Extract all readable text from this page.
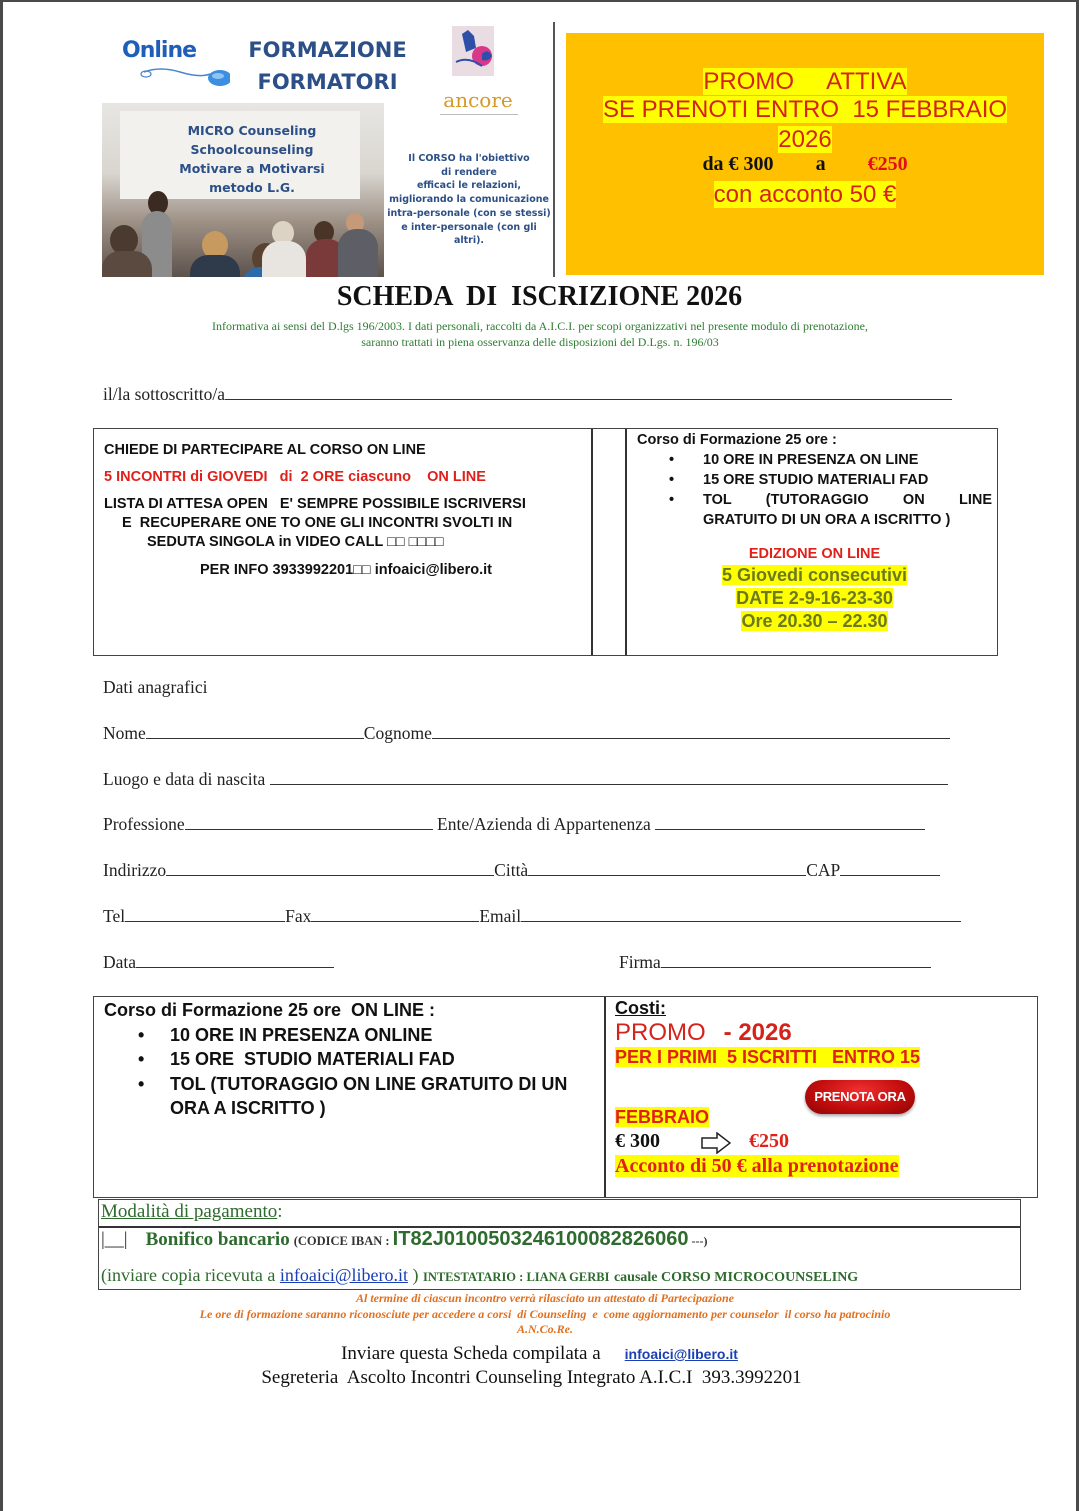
Online	FORMAZIONE
FORMATORI
MICRO Counseling
Schoolcounseling
Motivare a Motivarsi
metodo L.G.
ancore
Il CORSO ha l'obiettivo
di rendere
efficaci le relazioni,
migliorando la comunicazione
intra-personale (con se stessi)
e inter-personale (con gli altri).
PROMO     ATTIVA
SE PRENOTI ENTRO  15 FEBBRAIO
2026
da € 300 a €250
con acconto 50 €
SCHEDA  DI  ISCRIZIONE 2026
Informativa ai sensi del D.lgs 196/2003. I dati personali, raccolti da A.I.C.I. per scopi organizzativi nel presente modulo di prenotazione,
saranno trattati in piena osservanza delle disposizioni del D.Lgs. n. 196/03
il/la sottoscritto/a
CHIEDE DI PARTECIPARE AL CORSO ON LINE
5 INCONTRI di GIOVEDI   di  2 ORE ciascuno    ON LINE
LISTA DI ATTESA OPEN   E' SEMPRE POSSIBILE ISCRIVERSI
E  RECUPERARE ONE TO ONE GLI INCONTRI SVOLTI IN
SEDUTA SINGOLA in VIDEO CALL □□ □□□□
PER INFO 3933992201□□ infoaici@libero.it
Corso di Formazione 25 ore :
• 10 ORE IN PRESENZA ON LINE
• 15 ORE STUDIO MATERIALI FAD
• TOL    (TUTORAGGIO    ON    LINE GRATUITO DI UN ORA A ISCRITTO )
EDIZIONE ON LINE
5 Giovedi consecutivi
DATE 2-9-16-23-30
Ore 20.30 – 22.30
Dati anagrafici
Nome	Cognome
Luogo e data di nascita
Professione	Ente/Azienda di Appartenenza
Indirizzo	Città	CAP
Tel	Fax	Email
Data	Firma
Corso di Formazione 25 ore  ON LINE :
• 10 ORE IN PRESENZA ONLINE
• 15 ORE  STUDIO MATERIALI FAD
• TOL (TUTORAGGIO ON LINE GRATUITO DI UN ORA A ISCRITTO )
Costi:
PROMO - 2026
PER I PRIMI  5 ISCRITTI   ENTRO 15
FEBBRAIO
€ 300	€250
Acconto di 50 € alla prenotazione
PRENOTA ORA
Modalità di pagamento:
|__| Bonifico bancario (CODICE IBAN : IT82J0100503246100082826060 ---)
(inviare copia ricevuta a infoaici@libero.it ) INTESTATARIO : LIANA GERBI causale CORSO MICROCOUNSELING
Al termine di ciascun incontro verrà rilasciato un attestato di Partecipazione
Le ore di formazione saranno riconosciute per accedere a corsi  di Counseling  e  come aggiornamento per counselor  il corso ha patrocinio
A.N.Co.Re.
Inviare questa Scheda compilata a infoaici@libero.it
Segreteria  Ascolto Incontri Counseling Integrato A.I.C.I  393.3992201
